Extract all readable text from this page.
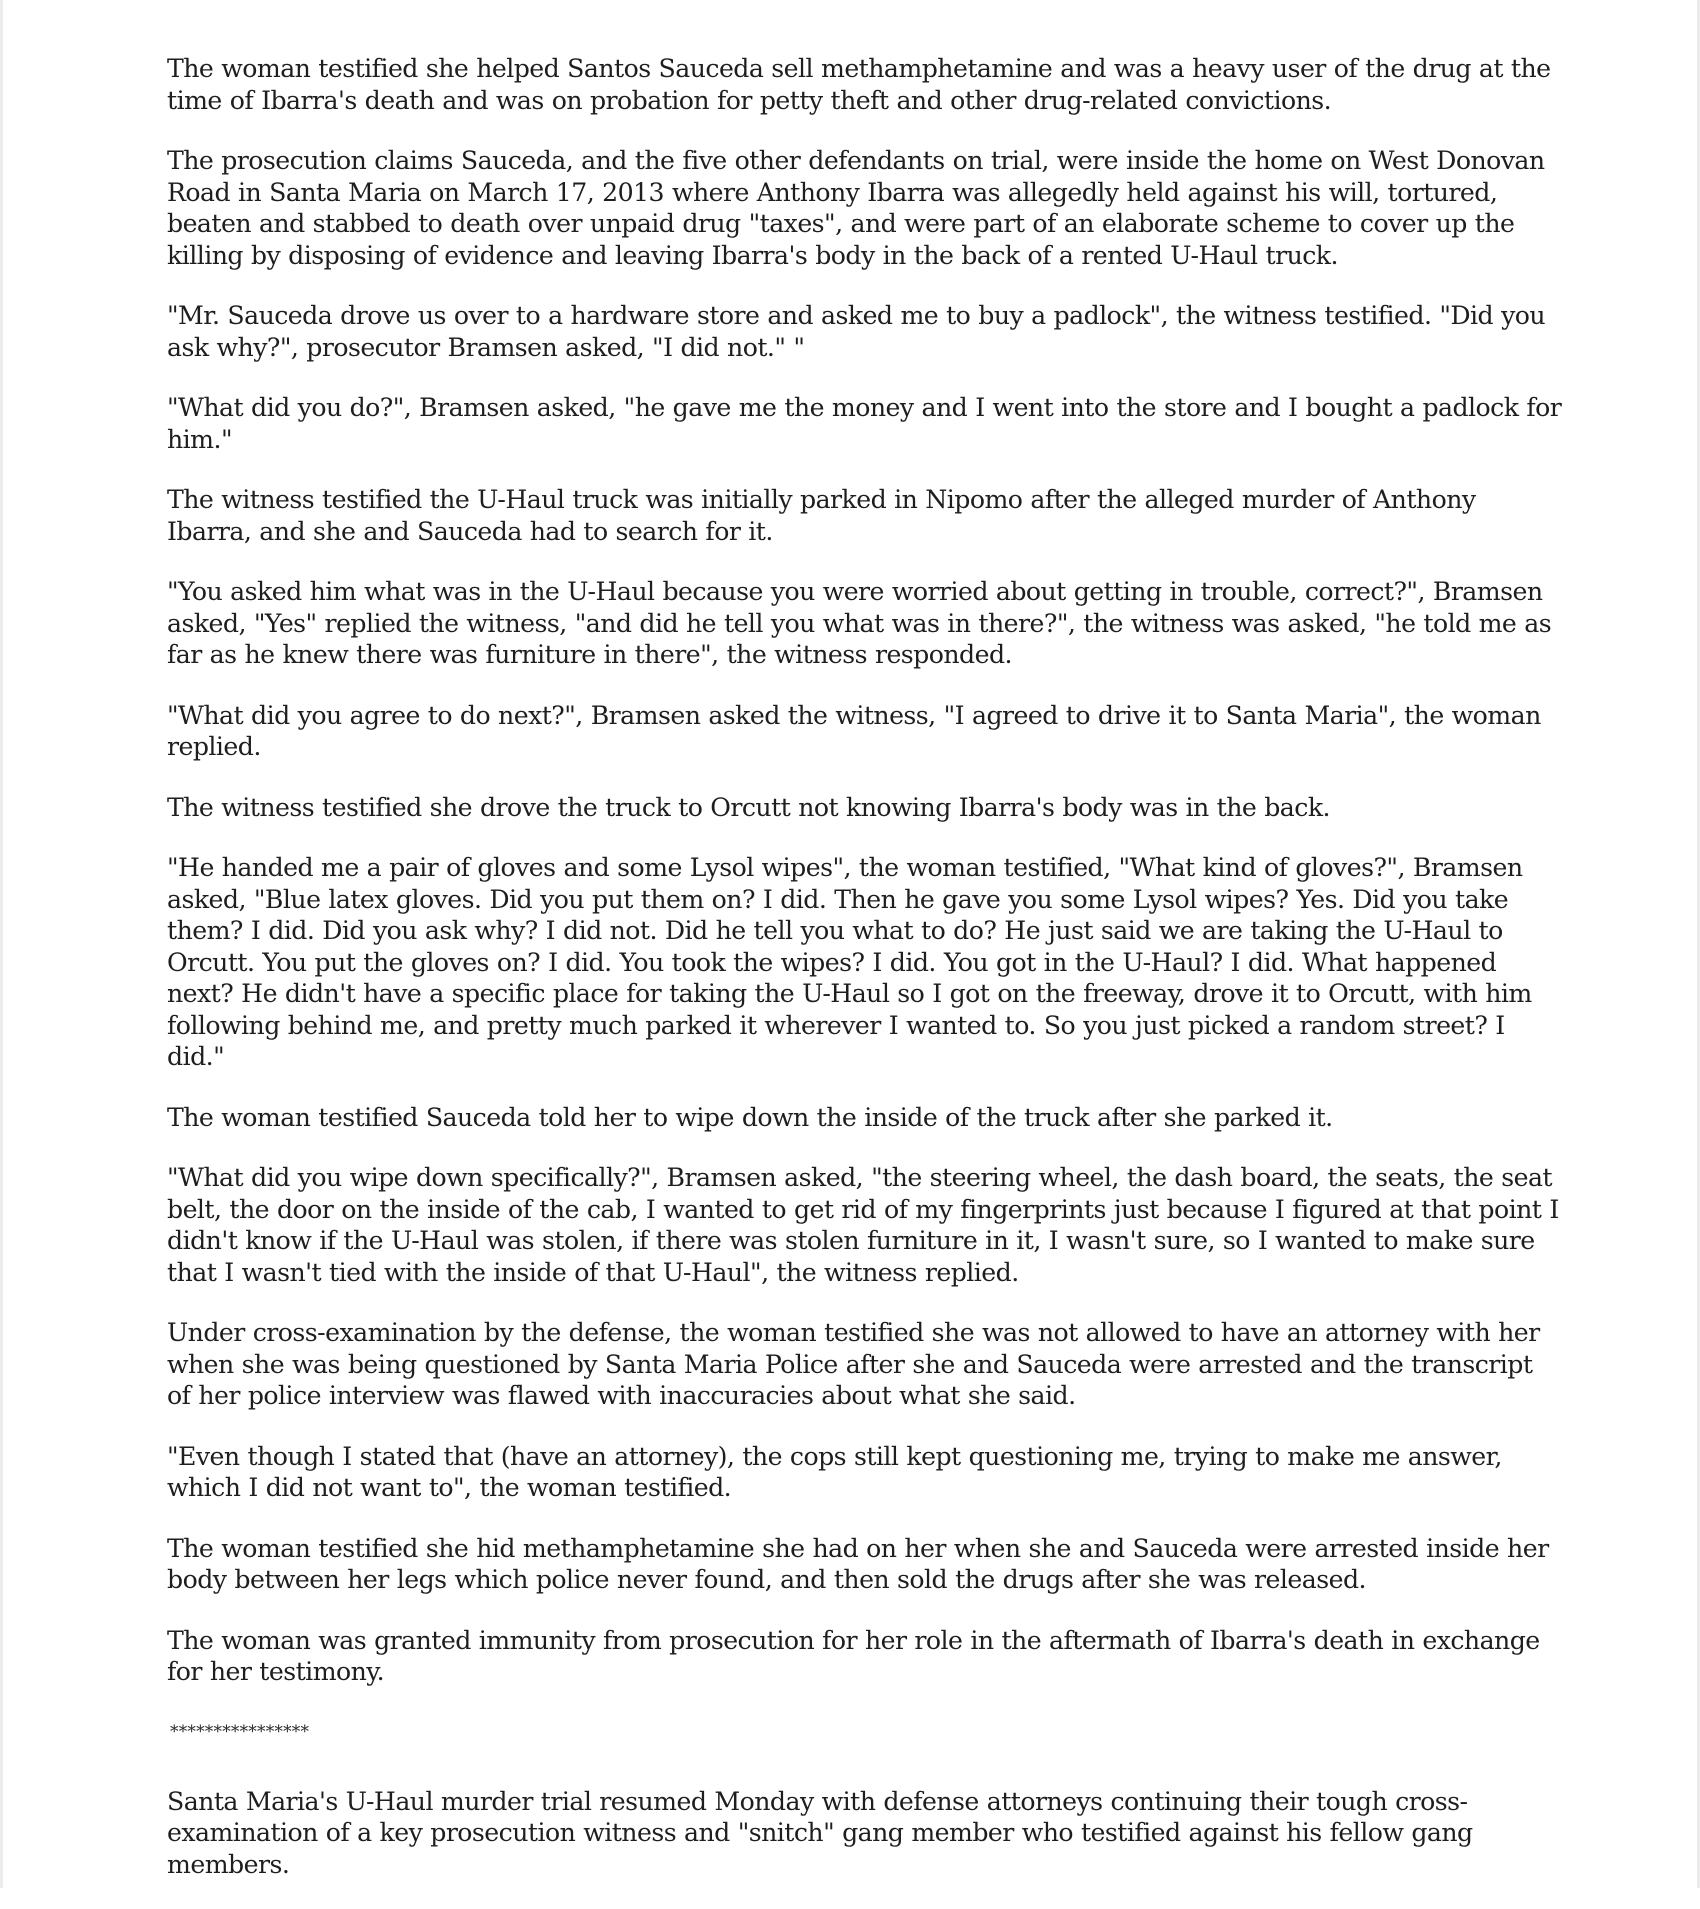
The woman testified she helped Santos Sauceda sell methamphetamine and was a heavy user of the drug at the time of Ibarra's death and was on probation for petty theft and other drug-related convictions.

The prosecution claims Sauceda, and the five other defendants on trial, were inside the home on West Donovan Road in Santa Maria on March 17, 2013 where Anthony Ibarra was allegedly held against his will, tortured, beaten and stabbed to death over unpaid drug "taxes", and were part of an elaborate scheme to cover up the killing by disposing of evidence and leaving Ibarra's body in the back of a rented U-Haul truck.

"Mr. Sauceda drove us over to a hardware store and asked me to buy a padlock", the witness testified. "Did you ask why?", prosecutor Bramsen asked, "I did not." "

"What did you do?", Bramsen asked, "he gave me the money and I went into the store and I bought a padlock for him."

The witness testified the U-Haul truck was initially parked in Nipomo after the alleged murder of Anthony Ibarra, and she and Sauceda had to search for it.

"You asked him what was in the U-Haul because you were worried about getting in trouble, correct?", Bramsen asked, "Yes" replied the witness, "and did he tell you what was in there?", the witness was asked, "he told me as far as he knew there was furniture in there", the witness responded.

"What did you agree to do next?", Bramsen asked the witness, "I agreed to drive it to Santa Maria", the woman replied.

The witness testified she drove the truck to Orcutt not knowing Ibarra's body was in the back.

"He handed me a pair of gloves and some Lysol wipes", the woman testified, "What kind of gloves?", Bramsen asked, "Blue latex gloves. Did you put them on? I did. Then he gave you some Lysol wipes? Yes. Did you take them? I did. Did you ask why? I did not. Did he tell you what to do? He just said we are taking the U-Haul to Orcutt. You put the gloves on? I did. You took the wipes? I did. You got in the U-Haul? I did. What happened next? He didn't have a specific place for taking the U-Haul so I got on the freeway, drove it to Orcutt, with him following behind me, and pretty much parked it wherever I wanted to. So you just picked a random street? I did."

The woman testified Sauceda told her to wipe down the inside of the truck after she parked it.

"What did you wipe down specifically?", Bramsen asked, "the steering wheel, the dash board, the seats, the seat belt, the door on the inside of the cab, I wanted to get rid of my fingerprints just because I figured at that point I didn't know if the U-Haul was stolen, if there was stolen furniture in it, I wasn't sure, so I wanted to make sure that I wasn't tied with the inside of that U-Haul", the witness replied.

Under cross-examination by the defense, the woman testified she was not allowed to have an attorney with her when she was being questioned by Santa Maria Police after she and Sauceda were arrested and the transcript of her police interview was flawed with inaccuracies about what she said.

"Even though I stated that (have an attorney), the cops still kept questioning me, trying to make me answer, which I did not want to", the woman testified.

The woman testified she hid methamphetamine she had on her when she and Sauceda were arrested inside her body between her legs which police never found, and then sold the drugs after she was released.

The woman was granted immunity from prosecution for her role in the aftermath of Ibarra's death in exchange for her testimony.

****************

Santa Maria's U-Haul murder trial resumed Monday with defense attorneys continuing their tough cross-examination of a key prosecution witness and "snitch" gang member who testified against his fellow gang members.
